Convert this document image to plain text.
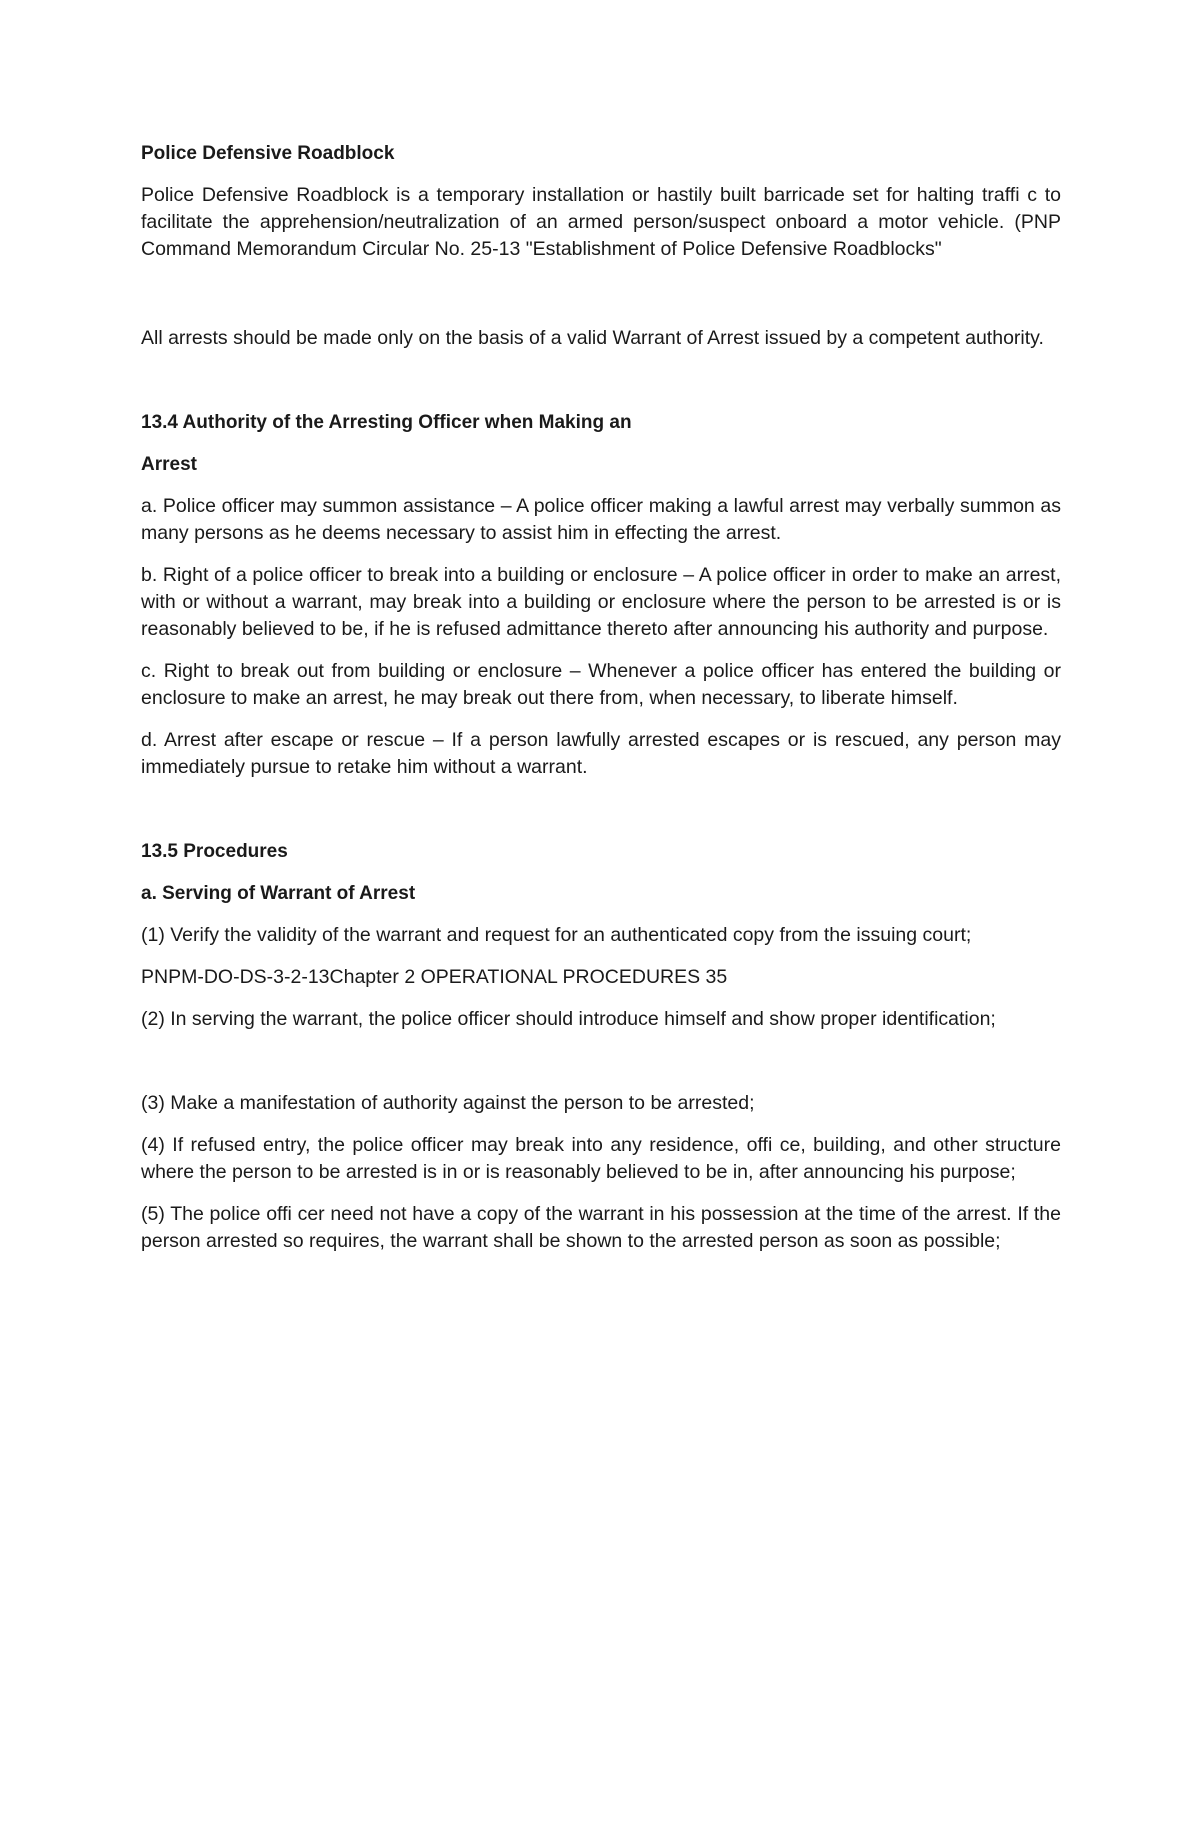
Police Defensive Roadblock

Police Defensive Roadblock is a temporary installation or hastily built barricade set for halting traffi c to facilitate the apprehension/neutralization of an armed person/suspect onboard a motor vehicle. (PNP Command Memorandum Circular No. 25-13 "Establishment of Police Defensive Roadblocks"

All arrests should be made only on the basis of a valid Warrant of Arrest issued by a competent authority.

13.4 Authority of the Arresting Officer when Making an

Arrest

a. Police officer may summon assistance – A police officer making a lawful arrest may verbally summon as many persons as he deems necessary to assist him in effecting the arrest.

b. Right of a police officer to break into a building or enclosure – A police officer in order to make an arrest, with or without a warrant, may break into a building or enclosure where the person to be arrested is or is reasonably believed to be, if he is refused admittance thereto after announcing his authority and purpose.

c. Right to break out from building or enclosure – Whenever a police officer has entered the building or enclosure to make an arrest, he may break out there from, when necessary, to liberate himself.

d. Arrest after escape or rescue – If a person lawfully arrested escapes or is rescued, any person may immediately pursue to retake him without a warrant.

13.5 Procedures

a. Serving of Warrant of Arrest

(1) Verify the validity of the warrant and request for an authenticated copy from the issuing court;

PNPM-DO-DS-3-2-13Chapter 2 OPERATIONAL PROCEDURES 35

(2) In serving the warrant, the police officer should introduce himself and show proper identification;

(3) Make a manifestation of authority against the person to be arrested;

(4) If refused entry, the police officer may break into any residence, offi ce, building, and other structure where the person to be arrested is in or is reasonably believed to be in, after announcing his purpose;

(5) The police offi cer need not have a copy of the warrant in his possession at the time of the arrest. If the person arrested so requires, the warrant shall be shown to the arrested person as soon as possible;
